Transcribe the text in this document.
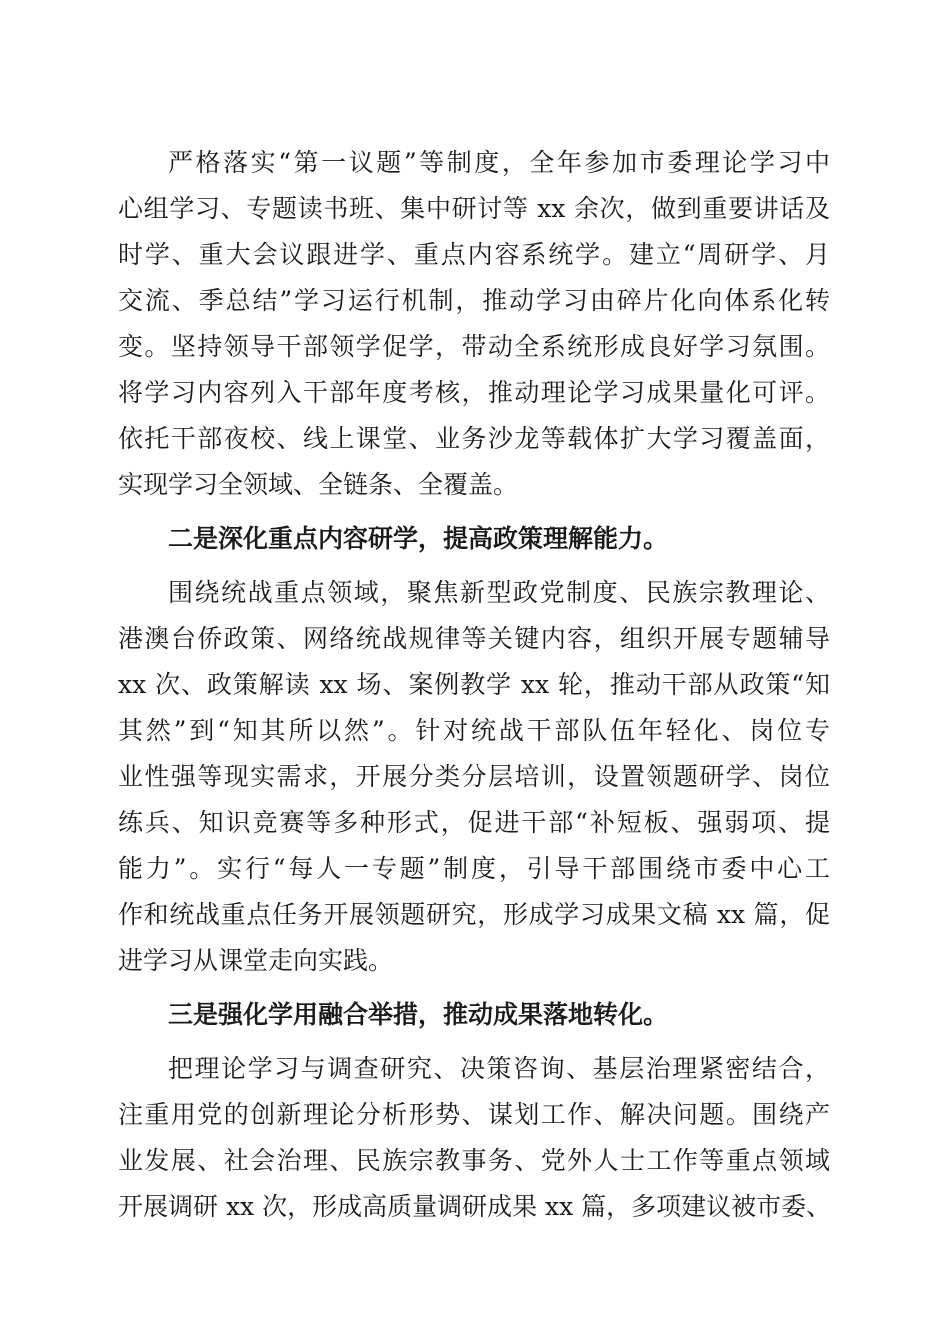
严格落实“第一议题”等制度，全年参加市委理论学习中
心组学习、专题读书班、集中研讨等 xx 余次，做到重要讲话及
时学、重大会议跟进学、重点内容系统学。建立“周研学、月
交流、季总结”学习运行机制，推动学习由碎片化向体系化转
变。坚持领导干部领学促学，带动全系统形成良好学习氛围。
将学习内容列入干部年度考核，推动理论学习成果量化可评。
依托干部夜校、线上课堂、业务沙龙等载体扩大学习覆盖面，
实现学习全领域、全链条、全覆盖。
二是深化重点内容研学，提高政策理解能力。
围绕统战重点领域，聚焦新型政党制度、民族宗教理论、
港澳台侨政策、网络统战规律等关键内容，组织开展专题辅导
xx 次、政策解读 xx 场、案例教学 xx 轮，推动干部从政策“知
其然”到“知其所以然”。针对统战干部队伍年轻化、岗位专
业性强等现实需求，开展分类分层培训，设置领题研学、岗位
练兵、知识竞赛等多种形式，促进干部“补短板、强弱项、提
能力”。实行“每人一专题”制度，引导干部围绕市委中心工
作和统战重点任务开展领题研究，形成学习成果文稿 xx 篇，促
进学习从课堂走向实践。
三是强化学用融合举措，推动成果落地转化。
把理论学习与调查研究、决策咨询、基层治理紧密结合，
注重用党的创新理论分析形势、谋划工作、解决问题。围绕产
业发展、社会治理、民族宗教事务、党外人士工作等重点领域
开展调研 xx 次，形成高质量调研成果 xx 篇，多项建议被市委、
